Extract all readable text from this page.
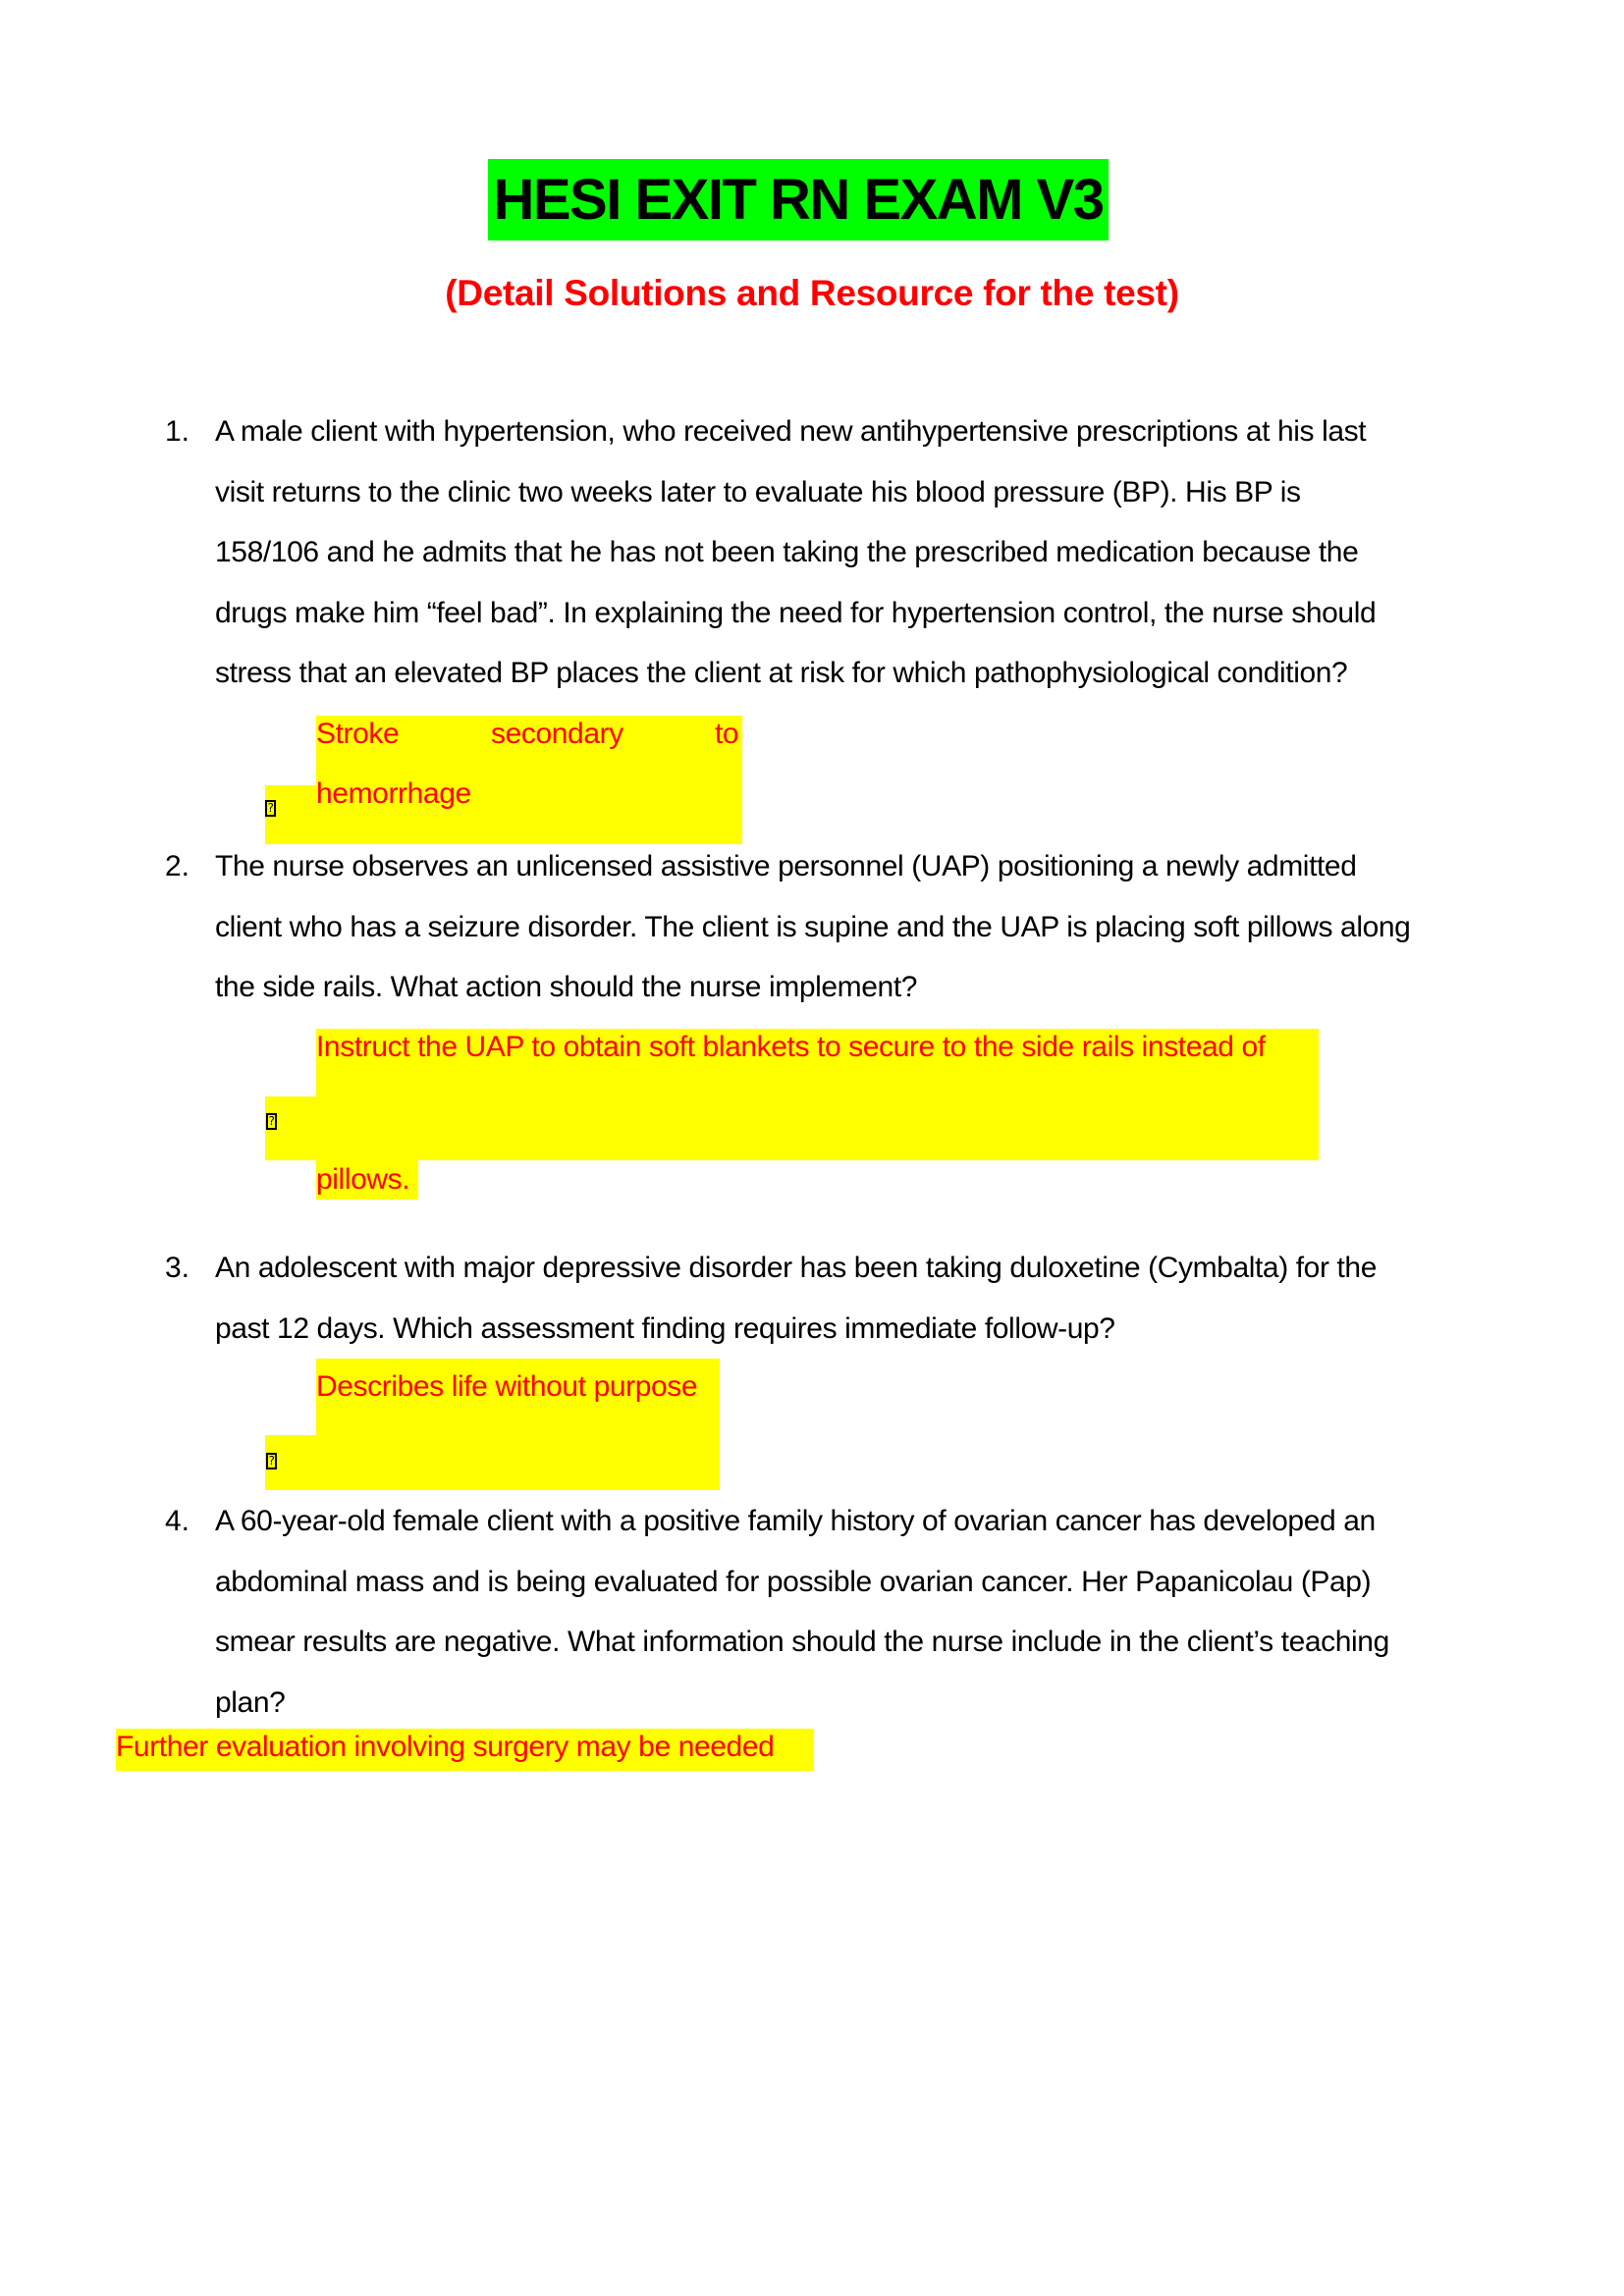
HESI EXIT RN EXAM V3
(Detail Solutions and Resource for the test)
1. A male client with hypertension, who received new antihypertensive prescriptions at his last
visit returns to the clinic two weeks later to evaluate his blood pressure (BP). His BP is
158/106 and he admits that he has not been taking the prescribed medication because the
drugs make him “feel bad”. In explaining the need for hypertension control, the nurse should
stress that an elevated BP places the client at risk for which pathophysiological condition?
Stroke	secondary	to
hemorrhage
?
2. The nurse observes an unlicensed assistive personnel (UAP) positioning a newly admitted
client who has a seizure disorder. The client is supine and the UAP is placing soft pillows along
the side rails. What action should the nurse implement?
Instruct the UAP to obtain soft blankets to secure to the side rails instead of
?
pillows.
3. An adolescent with major depressive disorder has been taking duloxetine (Cymbalta) for the
past 12 days. Which assessment finding requires immediate follow-up?
Describes life without purpose
?
4. A 60-year-old female client with a positive family history of ovarian cancer has developed an
abdominal mass and is being evaluated for possible ovarian cancer. Her Papanicolau (Pap)
smear results are negative. What information should the nurse include in the client’s teaching
plan?
Further evaluation involving surgery may be needed
